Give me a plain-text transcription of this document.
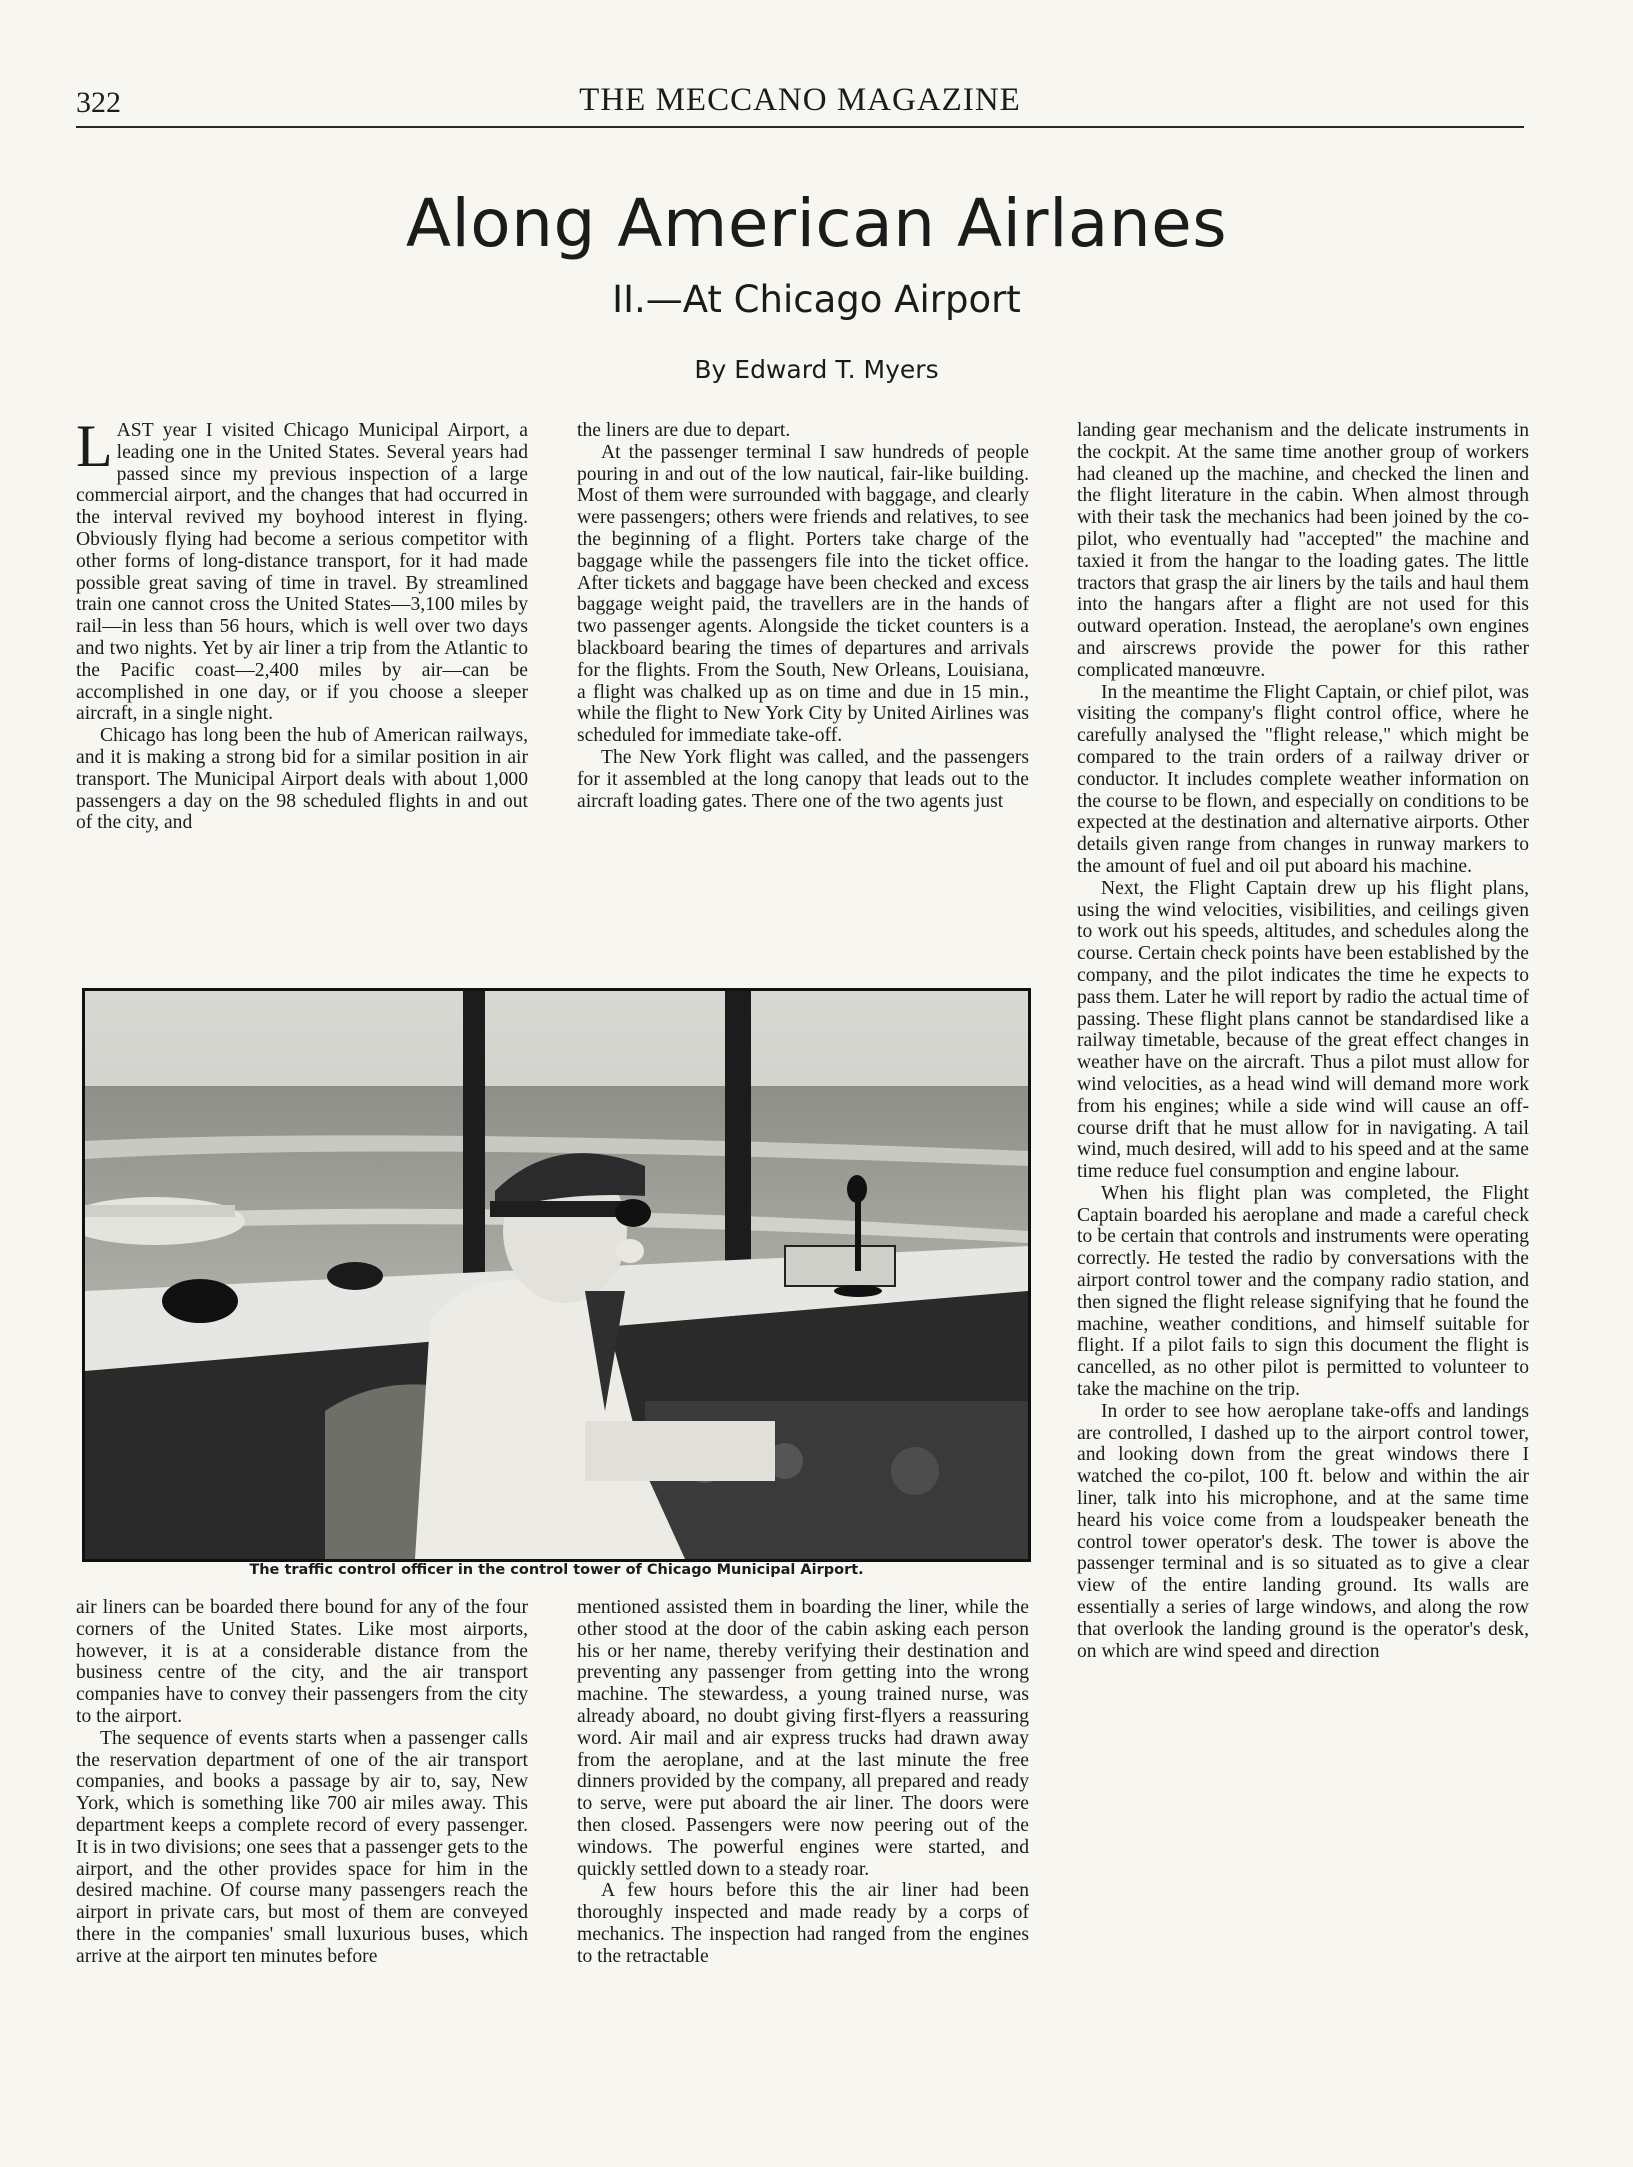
322	THE MECCANO MAGAZINE
Along American Airlanes
II.—At Chicago Airport
By Edward T. Myers

LAST year I visited Chicago Municipal Airport, a leading one in the United States. Several years had passed since my previous inspection of a large commercial airport, and the changes that had occurred in the interval revived my boyhood interest in flying. Obviously flying had become a serious competitor with other forms of long-distance transport, for it had made possible great saving of time in travel. By streamlined train one cannot cross the United States—3,100 miles by rail—in less than 56 hours, which is well over two days and two nights. Yet by air liner a trip from the Atlantic to the Pacific coast—2,400 miles by air—can be accomplished in one day, or if you choose a sleeper aircraft, in a single night.

Chicago has long been the hub of American railways, and it is making a strong bid for a similar position in air transport. The Municipal Airport deals with about 1,000 passengers a day on the 98 scheduled flights in and out of the city, and

the liners are due to depart.

At the passenger terminal I saw hundreds of people pouring in and out of the low nautical, fair-like building. Most of them were surrounded with baggage, and clearly were passengers; others were friends and relatives, to see the beginning of a flight. Porters take charge of the baggage while the passengers file into the ticket office. After tickets and baggage have been checked and excess baggage weight paid, the travellers are in the hands of two passenger agents. Alongside the ticket counters is a blackboard bearing the times of departures and arrivals for the flights. From the South, New Orleans, Louisiana, a flight was chalked up as on time and due in 15 min., while the flight to New York City by United Airlines was scheduled for immediate take-off.

The New York flight was called, and the passengers for it assembled at the long canopy that leads out to the aircraft loading gates. There one of the two agents just

landing gear mechanism and the delicate instruments in the cockpit. At the same time another group of workers had cleaned up the machine, and checked the linen and the flight literature in the cabin. When almost through with their task the mechanics had been joined by the co-pilot, who eventually had "accepted" the machine and taxied it from the hangar to the loading gates. The little tractors that grasp the air liners by the tails and haul them into the hangars after a flight are not used for this outward operation. Instead, the aeroplane's own engines and airscrews provide the power for this rather complicated manœuvre.

In the meantime the Flight Captain, or chief pilot, was visiting the company's flight control office, where he carefully analysed the "flight release," which might be compared to the train orders of a railway driver or conductor. It includes complete weather information on the course to be flown, and especially on conditions to be expected at the destination and alternative airports. Other details given range from changes in runway markers to the amount of fuel and oil put aboard his machine.

Next, the Flight Captain drew up his flight plans, using the wind velocities, visibilities, and ceilings given to work out his speeds, altitudes, and schedules along the course. Certain check points have been established by the company, and the pilot indicates the time he expects to pass them. Later he will report by radio the actual time of passing. These flight plans cannot be standardised like a railway timetable, because of the great effect changes in weather have on the aircraft. Thus a pilot must allow for wind velocities, as a head wind will demand more work from his engines; while a side wind will cause an off-course drift that he must allow for in navigating. A tail wind, much desired, will add to his speed and at the same time reduce fuel consumption and engine labour.

When his flight plan was completed, the Flight Captain boarded his aeroplane and made a careful check to be certain that controls and instruments were operating correctly. He tested the radio by conversations with the airport control tower and the company radio station, and then signed the flight release signifying that he found the machine, weather conditions, and himself suitable for flight. If a pilot fails to sign this document the flight is cancelled, as no other pilot is permitted to volunteer to take the machine on the trip.

In order to see how aeroplane take-offs and landings are controlled, I dashed up to the airport control tower, and looking down from the great windows there I watched the co-pilot, 100 ft. below and within the air liner, talk into his microphone, and at the same time heard his voice come from a loudspeaker beneath the control tower operator's desk. The tower is above the passenger terminal and is so situated as to give a clear view of the entire landing ground. Its walls are essentially a series of large windows, and along the row that overlook the landing ground is the operator's desk, on which are wind speed and direction

The traffic control officer in the control tower of Chicago Municipal Airport.

air liners can be boarded there bound for any of the four corners of the United States. Like most airports, however, it is at a considerable distance from the business centre of the city, and the air transport companies have to convey their passengers from the city to the airport.

The sequence of events starts when a passenger calls the reservation department of one of the air transport companies, and books a passage by air to, say, New York, which is something like 700 air miles away. This department keeps a complete record of every passenger. It is in two divisions; one sees that a passenger gets to the airport, and the other provides space for him in the desired machine. Of course many passengers reach the airport in private cars, but most of them are conveyed there in the companies' small luxurious buses, which arrive at the airport ten minutes before

mentioned assisted them in boarding the liner, while the other stood at the door of the cabin asking each person his or her name, thereby verifying their destination and preventing any passenger from getting into the wrong machine. The stewardess, a young trained nurse, was already aboard, no doubt giving first-flyers a reassuring word. Air mail and air express trucks had drawn away from the aeroplane, and at the last minute the free dinners provided by the company, all prepared and ready to serve, were put aboard the air liner. The doors were then closed. Passengers were now peering out of the windows. The powerful engines were started, and quickly settled down to a steady roar.

A few hours before this the air liner had been thoroughly inspected and made ready by a corps of mechanics. The inspection had ranged from the engines to the retractable
